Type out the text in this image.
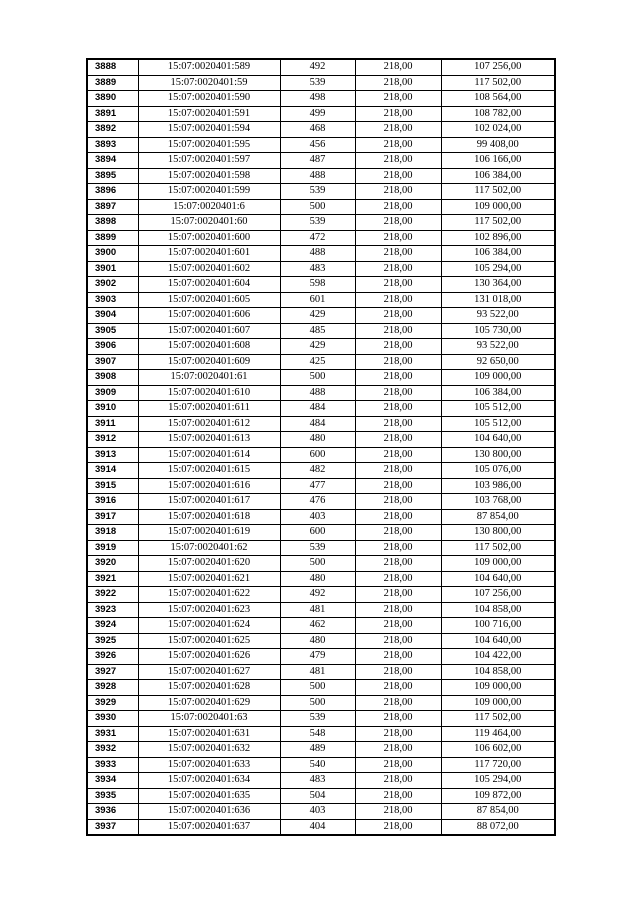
3888	15:07:0020401:589	492	218,00	107 256,00
3889	15:07:0020401:59	539	218,00	117 502,00
3890	15:07:0020401:590	498	218,00	108 564,00
3891	15:07:0020401:591	499	218,00	108 782,00
3892	15:07:0020401:594	468	218,00	102 024,00
3893	15:07:0020401:595	456	218,00	99 408,00
3894	15:07:0020401:597	487	218,00	106 166,00
3895	15:07:0020401:598	488	218,00	106 384,00
3896	15:07:0020401:599	539	218,00	117 502,00
3897	15:07:0020401:6	500	218,00	109 000,00
3898	15:07:0020401:60	539	218,00	117 502,00
3899	15:07:0020401:600	472	218,00	102 896,00
3900	15:07:0020401:601	488	218,00	106 384,00
3901	15:07:0020401:602	483	218,00	105 294,00
3902	15:07:0020401:604	598	218,00	130 364,00
3903	15:07:0020401:605	601	218,00	131 018,00
3904	15:07:0020401:606	429	218,00	93 522,00
3905	15:07:0020401:607	485	218,00	105 730,00
3906	15:07:0020401:608	429	218,00	93 522,00
3907	15:07:0020401:609	425	218,00	92 650,00
3908	15:07:0020401:61	500	218,00	109 000,00
3909	15:07:0020401:610	488	218,00	106 384,00
3910	15:07:0020401:611	484	218,00	105 512,00
3911	15:07:0020401:612	484	218,00	105 512,00
3912	15:07:0020401:613	480	218,00	104 640,00
3913	15:07:0020401:614	600	218,00	130 800,00
3914	15:07:0020401:615	482	218,00	105 076,00
3915	15:07:0020401:616	477	218,00	103 986,00
3916	15:07:0020401:617	476	218,00	103 768,00
3917	15:07:0020401:618	403	218,00	87 854,00
3918	15:07:0020401:619	600	218,00	130 800,00
3919	15:07:0020401:62	539	218,00	117 502,00
3920	15:07:0020401:620	500	218,00	109 000,00
3921	15:07:0020401:621	480	218,00	104 640,00
3922	15:07:0020401:622	492	218,00	107 256,00
3923	15:07:0020401:623	481	218,00	104 858,00
3924	15:07:0020401:624	462	218,00	100 716,00
3925	15:07:0020401:625	480	218,00	104 640,00
3926	15:07:0020401:626	479	218,00	104 422,00
3927	15:07:0020401:627	481	218,00	104 858,00
3928	15:07:0020401:628	500	218,00	109 000,00
3929	15:07:0020401:629	500	218,00	109 000,00
3930	15:07:0020401:63	539	218,00	117 502,00
3931	15:07:0020401:631	548	218,00	119 464,00
3932	15:07:0020401:632	489	218,00	106 602,00
3933	15:07:0020401:633	540	218,00	117 720,00
3934	15:07:0020401:634	483	218,00	105 294,00
3935	15:07:0020401:635	504	218,00	109 872,00
3936	15:07:0020401:636	403	218,00	87 854,00
3937	15:07:0020401:637	404	218,00	88 072,00
